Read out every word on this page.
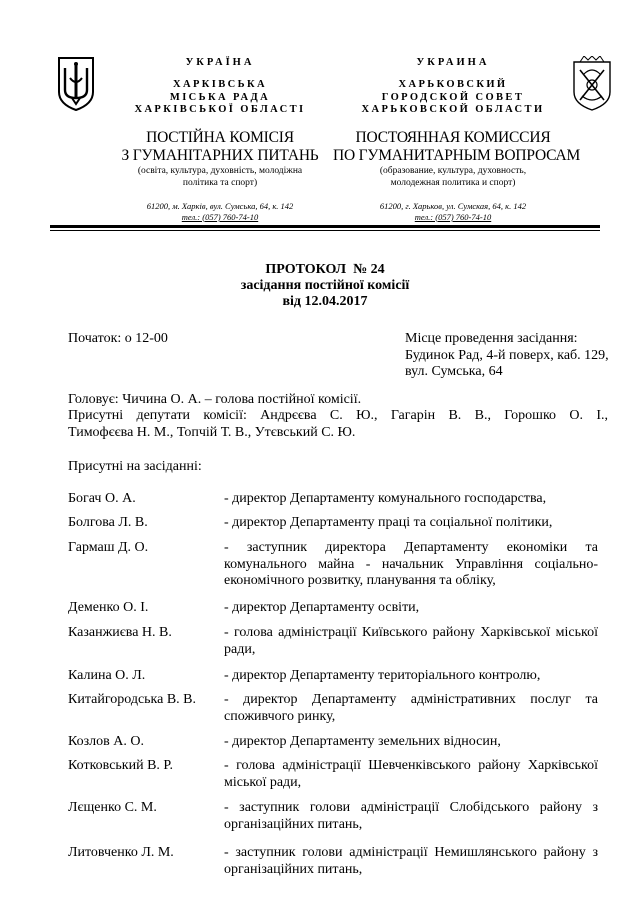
УКРАЇНА
ХАРКІВСЬКА
МІСЬКА РАДА
ХАРКІВСЬКОЇ ОБЛАСТІ
ПОСТІЙНА КОМІСІЯ
З ГУМАНІТАРНИХ ПИТАНЬ
(освіта, культура, духовність, молодіжна
політика та спорт)
61200, м. Харків, вул. Сумська, 64, к. 142
тел.: (057) 760-74-10
УКРАИНА
ХАРЬКОВСКИЙ
ГОРОДСКОЙ СОВЕТ
ХАРЬКОВСКОЙ ОБЛАСТИ
ПОСТОЯННАЯ КОМИССИЯ
ПО ГУМАНИТАРНЫМ ВОПРОСАМ
(образование, культура, духовность,
молодежная политика и спорт)
61200, г. Харьков, ул. Сумская, 64, к. 142
тел.: (057) 760-74-10
ПРОТОКОЛ  № 24
засідання постійної комісії
від 12.04.2017
Початок: о 12-00	Місце проведення засідання:
Будинок Рад, 4-й поверх, каб. 129,
вул. Сумська, 64
Головує: Чичина О. А. – голова постійної комісії.
Присутні депутати комісії: Андрєєва С. Ю., Гагарін В. В., Горошко О. І.,
Тимофєєва Н. М., Топчій Т. В., Утєвський С. Ю.
Присутні на засіданні:
Богач О. А.	- директор Департаменту комунального господарства,
Болгова Л. В.	- директор Департаменту праці та соціальної політики,
Гармаш Д. О.	- заступник директора Департаменту економіки та комунального майна - начальник Управління соціально-економічного розвитку, планування та обліку,
Деменко О. І.	- директор Департаменту освіти,
Казанжиєва Н. В.	- голова адміністрації Київського району Харківської міської ради,
Калина О. Л.	- директор Департаменту територіального контролю,
Китайгородська В. В.	- директор Департаменту адміністративних послуг та споживчого ринку,
Козлов А. О.	- директор Департаменту земельних відносин,
Котковський В. Р.	- голова адміністрації Шевченківського району Харківської міської ради,
Лєщенко С. М.	- заступник голови адміністрації Слобідського району з організаційних питань,
Литовченко Л. М.	- заступник голови адміністрації Немишлянського району з організаційних питань,
